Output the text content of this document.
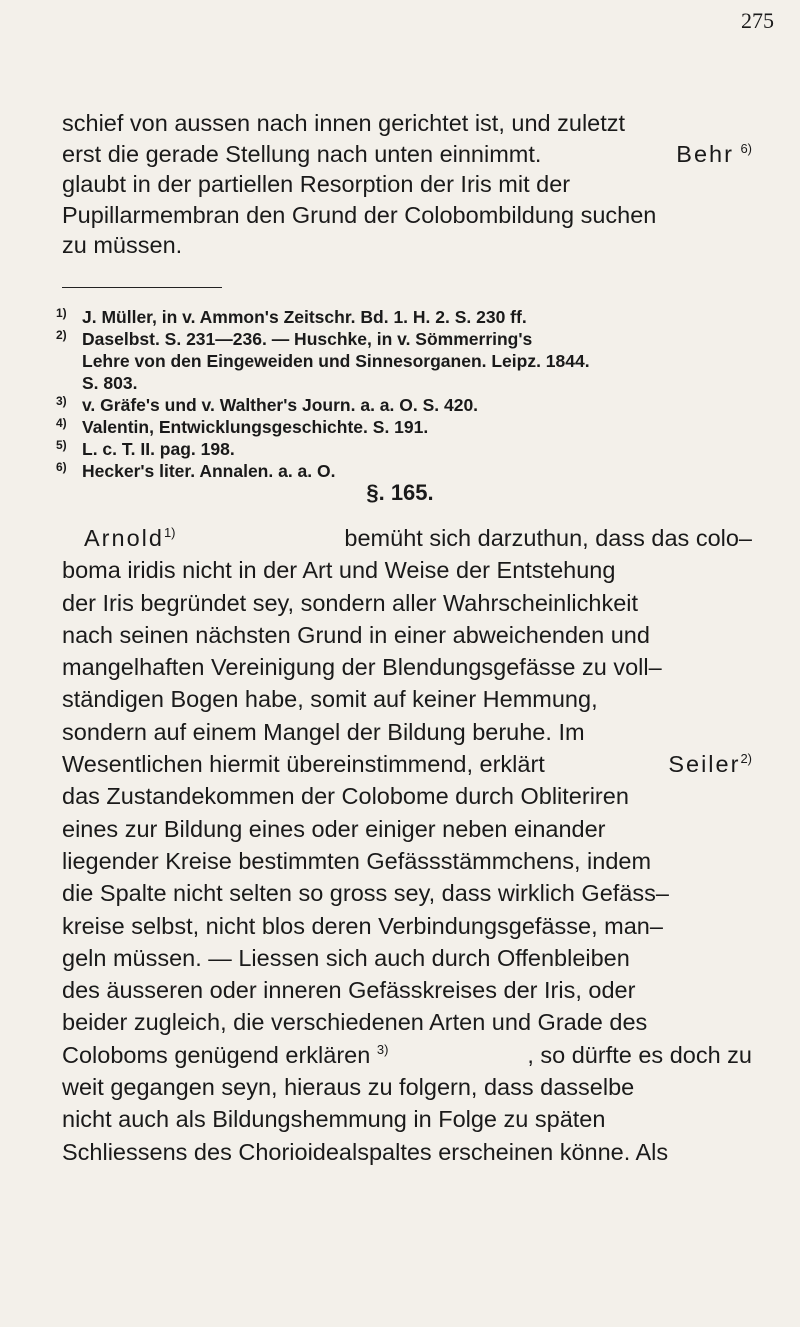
275
schief von aussen nach innen gerichtet ist, und zuletzt
erst die gerade Stellung nach unten einnimmt.	Behr $^{6)}$
glaubt in der partiellen Resorption der Iris mit der
Pupillarmembran den Grund der Colobombildung suchen
zu müssen.
1) J. Müller, in v. Ammon's Zeitschr. Bd. 1. H. 2. S. 230 ff.
2) Daselbst. S. 231—236. — Huschke, in v. Sömmerring's
Lehre von den Eingeweiden und Sinnesorganen. Leipz. 1844.
S. 803.
3) v. Gräfe's und v. Walther's Journ. a. a. O. S. 420.
4) Valentin, Entwicklungsgeschichte. S. 191.
5) L. c. T. II. pag. 198.
6) Hecker's liter. Annalen. a. a. O.
§. 165.
Arnold$^{1)}$	bemüht sich darzuthun, dass das colo–
boma iridis nicht in der Art und Weise der Entstehung
der Iris begründet sey, sondern aller Wahrscheinlichkeit
nach seinen nächsten Grund in einer abweichenden und
mangelhaften Vereinigung der Blendungsgefässe zu voll–
ständigen Bogen habe, somit auf keiner Hemmung,
sondern auf einem Mangel der Bildung beruhe. Im
Wesentlichen hiermit übereinstimmend, erklärt	Seiler$^{2)}$
das Zustandekommen der Colobome durch Obliteriren
eines zur Bildung eines oder einiger neben einander
liegender Kreise bestimmten Gefässstämmchens, indem
die Spalte nicht selten so gross sey, dass wirklich Gefäss–
kreise selbst, nicht blos deren Verbindungsgefässe, man–
geln müssen. — Liessen sich auch durch Offenbleiben
des äusseren oder inneren Gefässkreises der Iris, oder
beider zugleich, die verschiedenen Arten und Grade des
Coloboms genügend erklären $^{3)}$	, so dürfte es doch zu
weit gegangen seyn, hieraus zu folgern, dass dasselbe
nicht auch als Bildungshemmung in Folge zu späten
Schliessens des Chorioidealspaltes erscheinen könne. Als
